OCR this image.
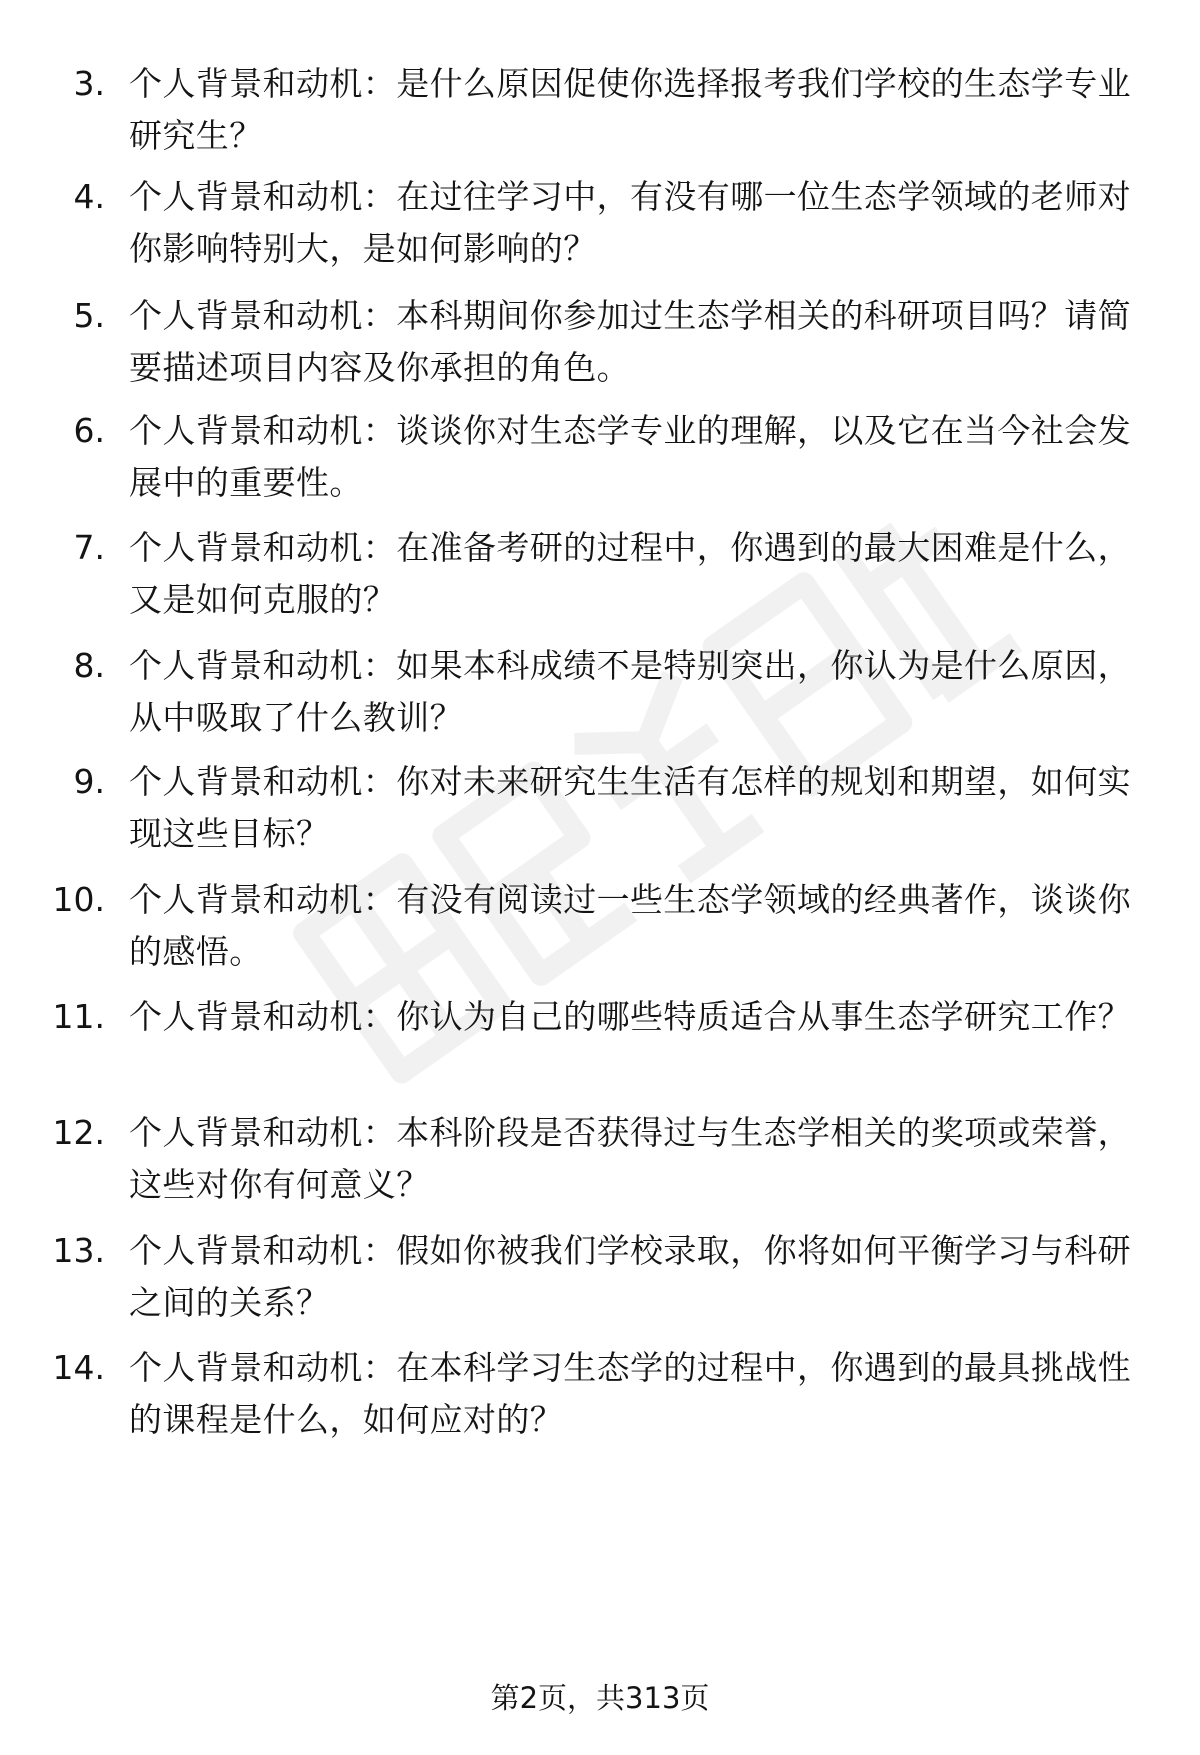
3. 个人背景和动机：是什么原因促使你选择报考我们学校的生态学专业研究生？
4. 个人背景和动机：在过往学习中，有没有哪一位生态学领域的老师对你影响特别大，是如何影响的？
5. 个人背景和动机：本科期间你参加过生态学相关的科研项目吗？请简要描述项目内容及你承担的角色。
6. 个人背景和动机：谈谈你对生态学专业的理解，以及它在当今社会发展中的重要性。
7. 个人背景和动机：在准备考研的过程中，你遇到的最大困难是什么，又是如何克服的？
8. 个人背景和动机：如果本科成绩不是特别突出，你认为是什么原因，从中吸取了什么教训？
9. 个人背景和动机：你对未来研究生生活有怎样的规划和期望，如何实现这些目标？
10. 个人背景和动机：有没有阅读过一些生态学领域的经典著作，谈谈你的感悟。
11. 个人背景和动机：你认为自己的哪些特质适合从事生态学研究工作？
12. 个人背景和动机：本科阶段是否获得过与生态学相关的奖项或荣誉，这些对你有何意义？
13. 个人背景和动机：假如你被我们学校录取，你将如何平衡学习与科研之间的关系？
14. 个人背景和动机：在本科学习生态学的过程中，你遇到的最具挑战性的课程是什么，如何应对的？
第2页，共313页
